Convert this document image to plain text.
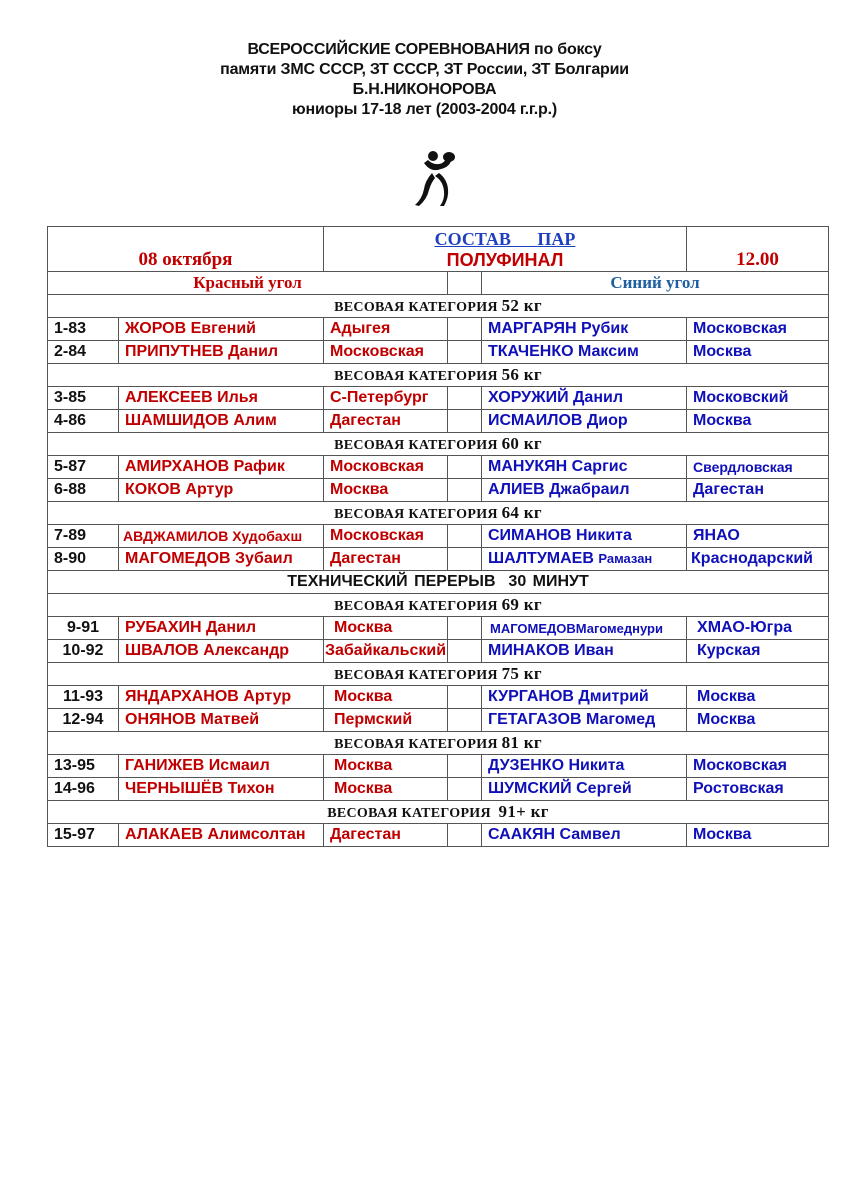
ВСЕРОССИЙСКИЕ СОРЕВНОВАНИЯ по боксу
памяти ЗМС СССР, ЗТ СССР, ЗТ России, ЗТ Болгарии
Б.Н.НИКОНОРОВА
юниоры 17-18 лет (2003-2004 г.г.р.)
08 октября		СОСТАВ ПАР
ПОЛУФИНАЛ			12.00
Красный угол				Синий угол	
ВЕСОВАЯ КАТЕГОРИЯ 52 кг					
1-83	ЖОРОВ Евгений	Адыгея		МАРГАРЯН Рубик	Московская
2-84	ПРИПУТНЕВ Данил	Московская		ТКАЧЕНКО Максим	Москва
ВЕСОВАЯ КАТЕГОРИЯ 56 кг					
3-85	АЛЕКСЕЕВ Илья	С-Петербург		ХОРУЖИЙ Данил	Московский
4-86	ШАМШИДОВ Алим	Дагестан		ИСМАИЛОВ Диор	Москва
ВЕСОВАЯ КАТЕГОРИЯ 60 кг					
5-87	АМИРХАНОВ Рафик	Московская		МАНУКЯН Саргис	Свердловская
6-88	КОКОВ Артур	Москва		АЛИЕВ Джабраил	Дагестан
ВЕСОВАЯ КАТЕГОРИЯ 64 кг					
7-89	АВДЖАМИЛОВ Худобахш	Московская		СИМАНОВ Никита	ЯНАО
8-90	МАГОМЕДОВ Зубаил	Дагестан		ШАЛТУМАЕВ Рамазан	Краснодарский
ТЕХНИЧЕСКИЙ ПЕРЕРЫВ  30 МИНУТ					
ВЕСОВАЯ КАТЕГОРИЯ 69 кг					
9-91	РУБАХИН Данил	Москва		МАГОМЕДОВМагомеднури	ХМАО-Югра
10-92	ШВАЛОВ Александр	Забайкальский		МИНАКОВ Иван	Курская
ВЕСОВАЯ КАТЕГОРИЯ 75 кг					
11-93	ЯНДАРХАНОВ Артур	Москва		КУРГАНОВ Дмитрий	Москва
12-94	ОНЯНОВ Матвей	Пермский		ГЕТАГАЗОВ Магомед	Москва
ВЕСОВАЯ КАТЕГОРИЯ 81 кг					
13-95	ГАНИЖЕВ Исмаил	Москва		ДУЗЕНКО Никита	Московская
14-96	ЧЕРНЫШЁВ Тихон	Москва		ШУМСКИЙ Сергей	Ростовская
ВЕСОВАЯ КАТЕГОРИЯ 91+ кг					
15-97	АЛАКАЕВ Алимсолтан	Дагестан		СААКЯН Самвел	Москва
